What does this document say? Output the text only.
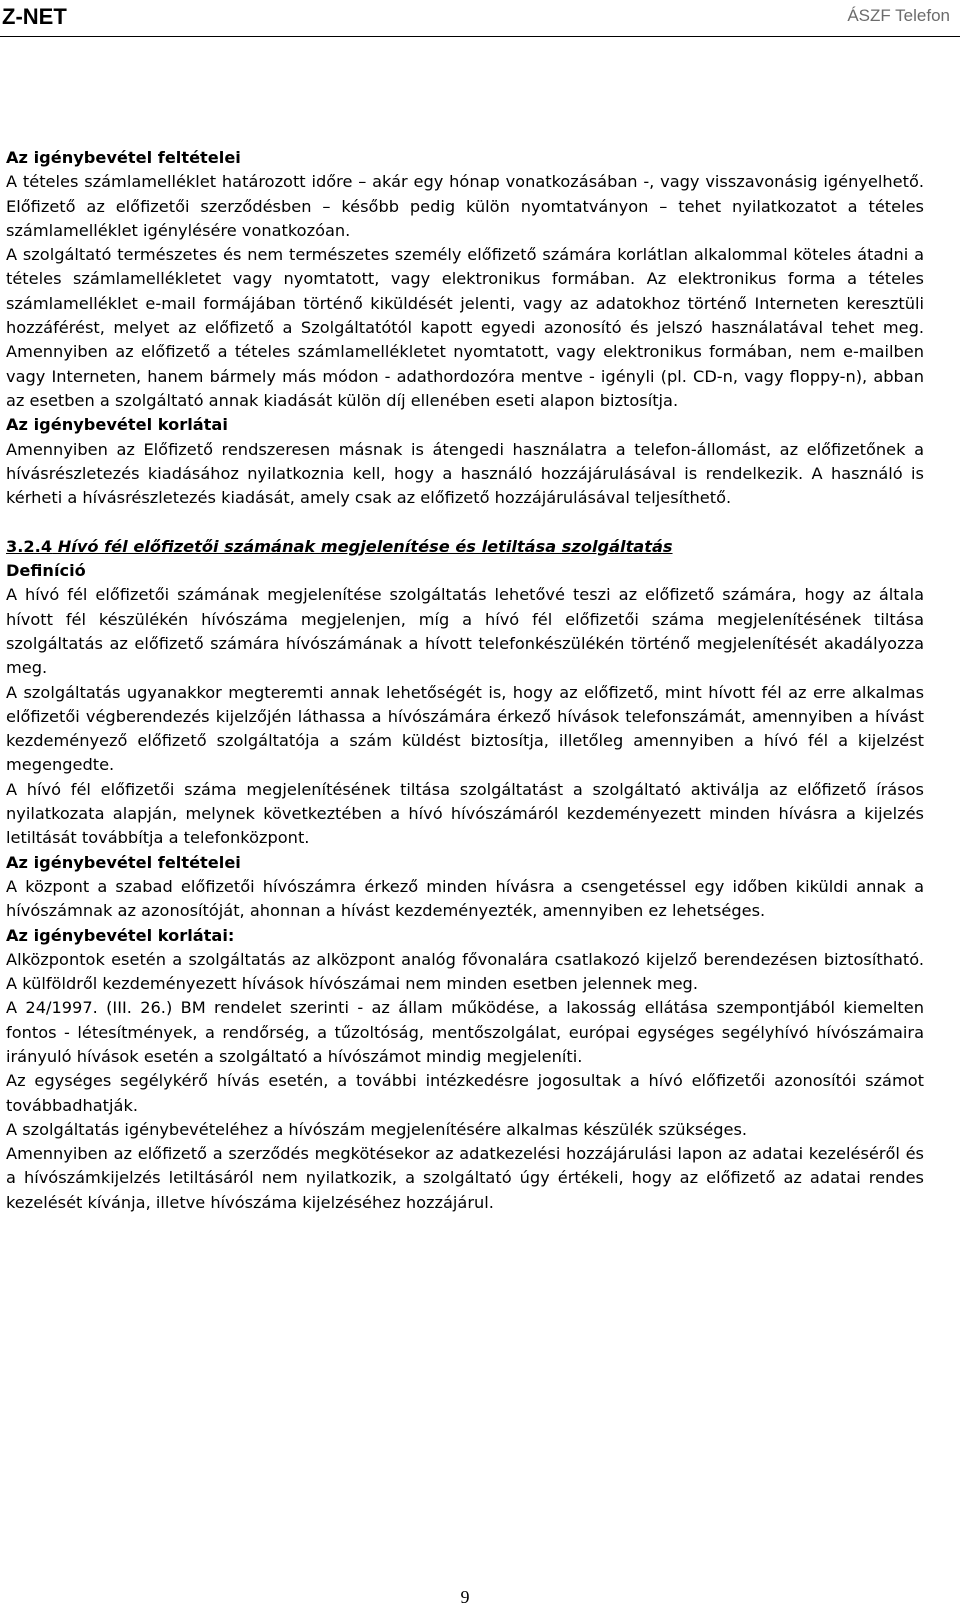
Z-NET	ÁSZF Telefon

Az igénybevétel feltételei

A tételes számlamelléklet határozott időre – akár egy hónap vonatkozásában -, vagy visszavonásig igényelhető. Előfizető az előfizetői szerződésben – később pedig külön nyomtatványon – tehet nyilatkozatot a tételes számlamelléklet igénylésére vonatkozóan.

A szolgáltató természetes és nem természetes személy előfizető számára korlátlan alkalommal köteles átadni a tételes számlamellékletet vagy nyomtatott, vagy elektronikus formában. Az elektronikus forma a tételes számlamelléklet e-mail formájában történő kiküldését jelenti, vagy az adatokhoz történő Interneten keresztüli hozzáférést, melyet az előfizető a Szolgáltatótól kapott egyedi azonosító és jelszó használatával tehet meg. Amennyiben az előfizető a tételes számlamellékletet nyomtatott, vagy elektronikus formában, nem e-mailben vagy Interneten, hanem bármely más módon - adathordozóra mentve - igényli (pl. CD-n, vagy floppy-n), abban az esetben a szolgáltató annak kiadását külön díj ellenében eseti alapon biztosítja.

Az igénybevétel korlátai

Amennyiben az Előfizető rendszeresen másnak is átengedi használatra a telefon-állomást, az előfizetőnek a hívásrészletezés kiadásához nyilatkoznia kell, hogy a használó hozzájárulásával is rendelkezik. A használó is kérheti a hívásrészletezés kiadását, amely csak az előfizető hozzájárulásával teljesíthető.

3.2.4 Hívó fél előfizetői számának megjelenítése és letiltása szolgáltatás

Definíció

A hívó fél előfizetői számának megjelenítése szolgáltatás lehetővé teszi az előfizető számára, hogy az általa hívott fél készülékén hívószáma megjelenjen, míg a hívó fél előfizetői száma megjelenítésének tiltása szolgáltatás az előfizető számára hívószámának a hívott telefonkészülékén történő megjelenítését akadályozza meg.

A szolgáltatás ugyanakkor megteremti annak lehetőségét is, hogy az előfizető, mint hívott fél az erre alkalmas előfizetői végberendezés kijelzőjén láthassa a hívószámára érkező hívások telefonszámát, amennyiben a hívást kezdeményező előfizető szolgáltatója a szám küldést biztosítja, illetőleg amennyiben a hívó fél a kijelzést megengedte.

A hívó fél előfizetői száma megjelenítésének tiltása szolgáltatást a szolgáltató aktiválja az előfizető írásos nyilatkozata alapján, melynek következtében a hívó hívószámáról kezdeményezett minden hívásra a kijelzés letiltását továbbítja a telefonközpont.

Az igénybevétel feltételei

A központ a szabad előfizetői hívószámra érkező minden hívásra a csengetéssel egy időben kiküldi annak a hívószámnak az azonosítóját, ahonnan a hívást kezdeményezték, amennyiben ez lehetséges.

Az igénybevétel korlátai:

Alközpontok esetén a szolgáltatás az alközpont analóg fővonalára csatlakozó kijelző berendezésen biztosítható. A külföldről kezdeményezett hívások hívószámai nem minden esetben jelennek meg.

A 24/1997. (III. 26.) BM rendelet szerinti - az állam működése, a lakosság ellátása szempontjából kiemelten fontos - létesítmények, a rendőrség, a tűzoltóság, mentőszolgálat, európai egységes segélyhívó hívószámaira irányuló hívások esetén a szolgáltató a hívószámot mindig megjeleníti.

Az egységes segélykérő hívás esetén, a további intézkedésre jogosultak a hívó előfizetői azonosítói számot továbbadhatják.

A szolgáltatás igénybevételéhez a hívószám megjelenítésére alkalmas készülék szükséges.

Amennyiben az előfizető a szerződés megkötésekor az adatkezelési hozzájárulási lapon az adatai kezeléséről és a hívószámkijelzés letiltásáról nem nyilatkozik, a szolgáltató úgy értékeli, hogy az előfizető az adatai rendes kezelését kívánja, illetve hívószáma kijelzéséhez hozzájárul.

9
